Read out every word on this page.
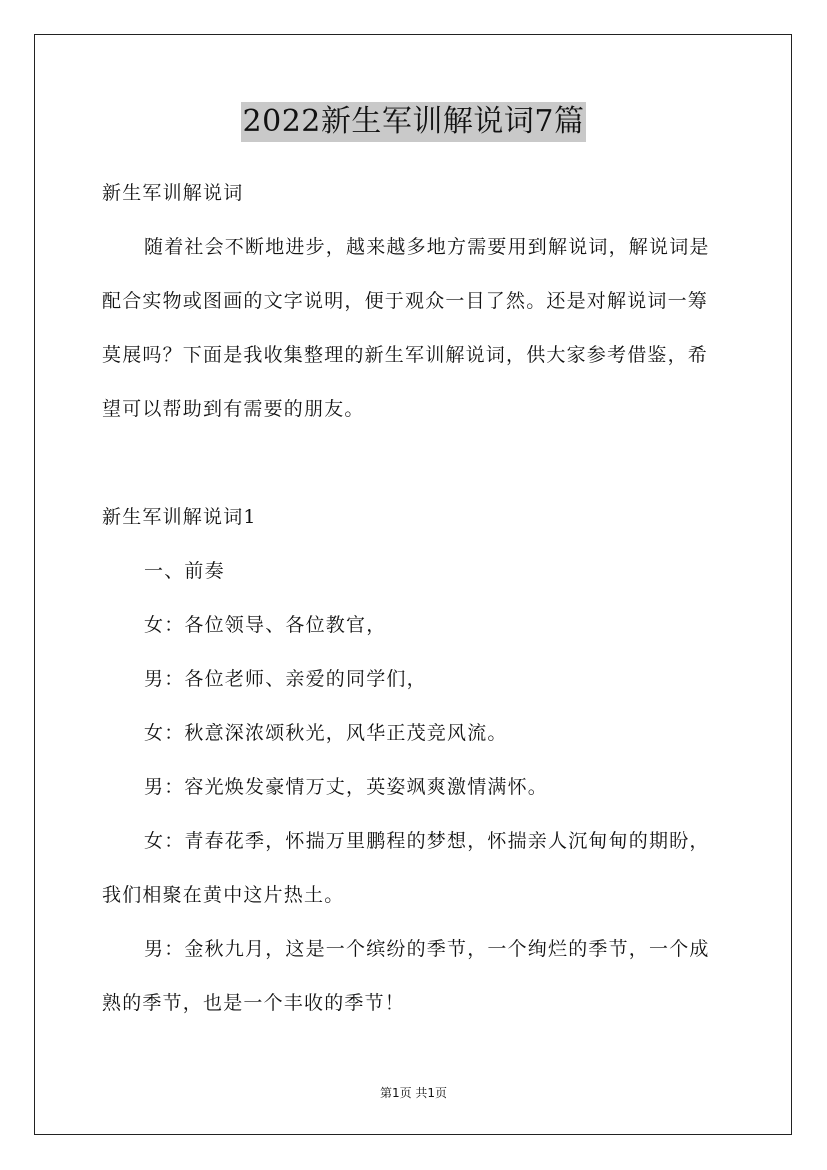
2022新生军训解说词7篇
新生军训解说词
随着社会不断地进步，越来越多地方需要用到解说词，解说词是
配合实物或图画的文字说明，便于观众一目了然。还是对解说词一筹
莫展吗？下面是我收集整理的新生军训解说词，供大家参考借鉴，希
望可以帮助到有需要的朋友。
新生军训解说词1
一、前奏
女：各位领导、各位教官，
男：各位老师、亲爱的同学们，
女：秋意深浓颂秋光，风华正茂竞风流。
男：容光焕发豪情万丈，英姿飒爽激情满怀。
女：青春花季，怀揣万里鹏程的梦想，怀揣亲人沉甸甸的期盼，
我们相聚在黄中这片热土。
男：金秋九月，这是一个缤纷的季节，一个绚烂的季节，一个成
熟的季节，也是一个丰收的季节！
第1页 共1页
